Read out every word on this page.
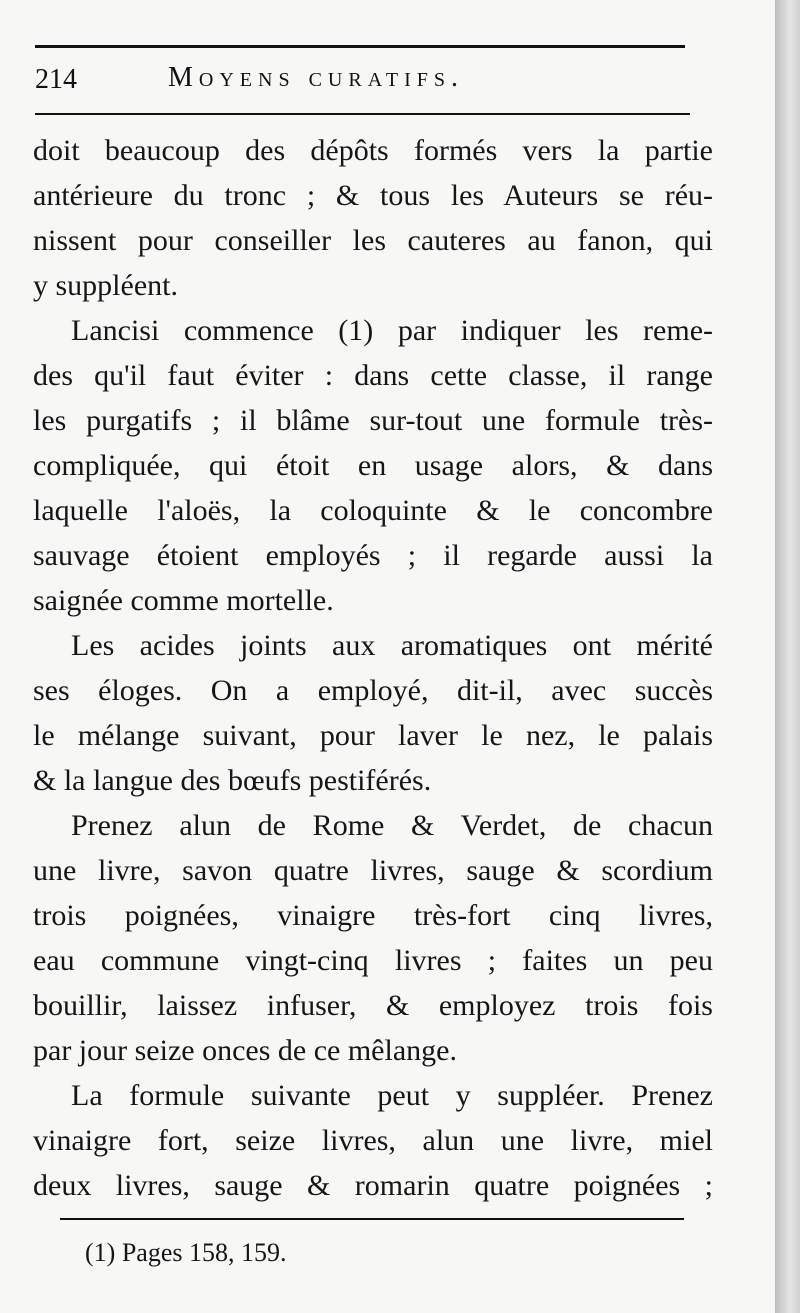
214	Moyens curatifs.
doit beaucoup des dépôts formés vers la partie
antérieure du tronc ; & tous les Auteurs se réu-
nissent pour conseiller les cauteres au fanon, qui
y suppléent.
Lancisi commence (1) par indiquer les reme-
des qu'il faut éviter : dans cette classe, il range
les purgatifs ; il blâme sur-tout une formule très-
compliquée, qui étoit en usage alors, & dans
laquelle l'aloës, la coloquinte & le concombre
sauvage étoient employés ; il regarde aussi la
saignée comme mortelle.
Les acides joints aux aromatiques ont mérité
ses éloges. On a employé, dit-il, avec succès
le mélange suivant, pour laver le nez, le palais
& la langue des bœufs pestiférés.
Prenez alun de Rome & Verdet, de chacun
une livre, savon quatre livres, sauge & scordium
trois poignées, vinaigre très-fort cinq livres,
eau commune vingt-cinq livres ; faites un peu
bouillir, laissez infuser, & employez trois fois
par jour seize onces de ce mêlange.
La formule suivante peut y suppléer. Prenez
vinaigre fort, seize livres, alun une livre, miel
deux livres, sauge & romarin quatre poignées ;
(1) Pages 158, 159.
